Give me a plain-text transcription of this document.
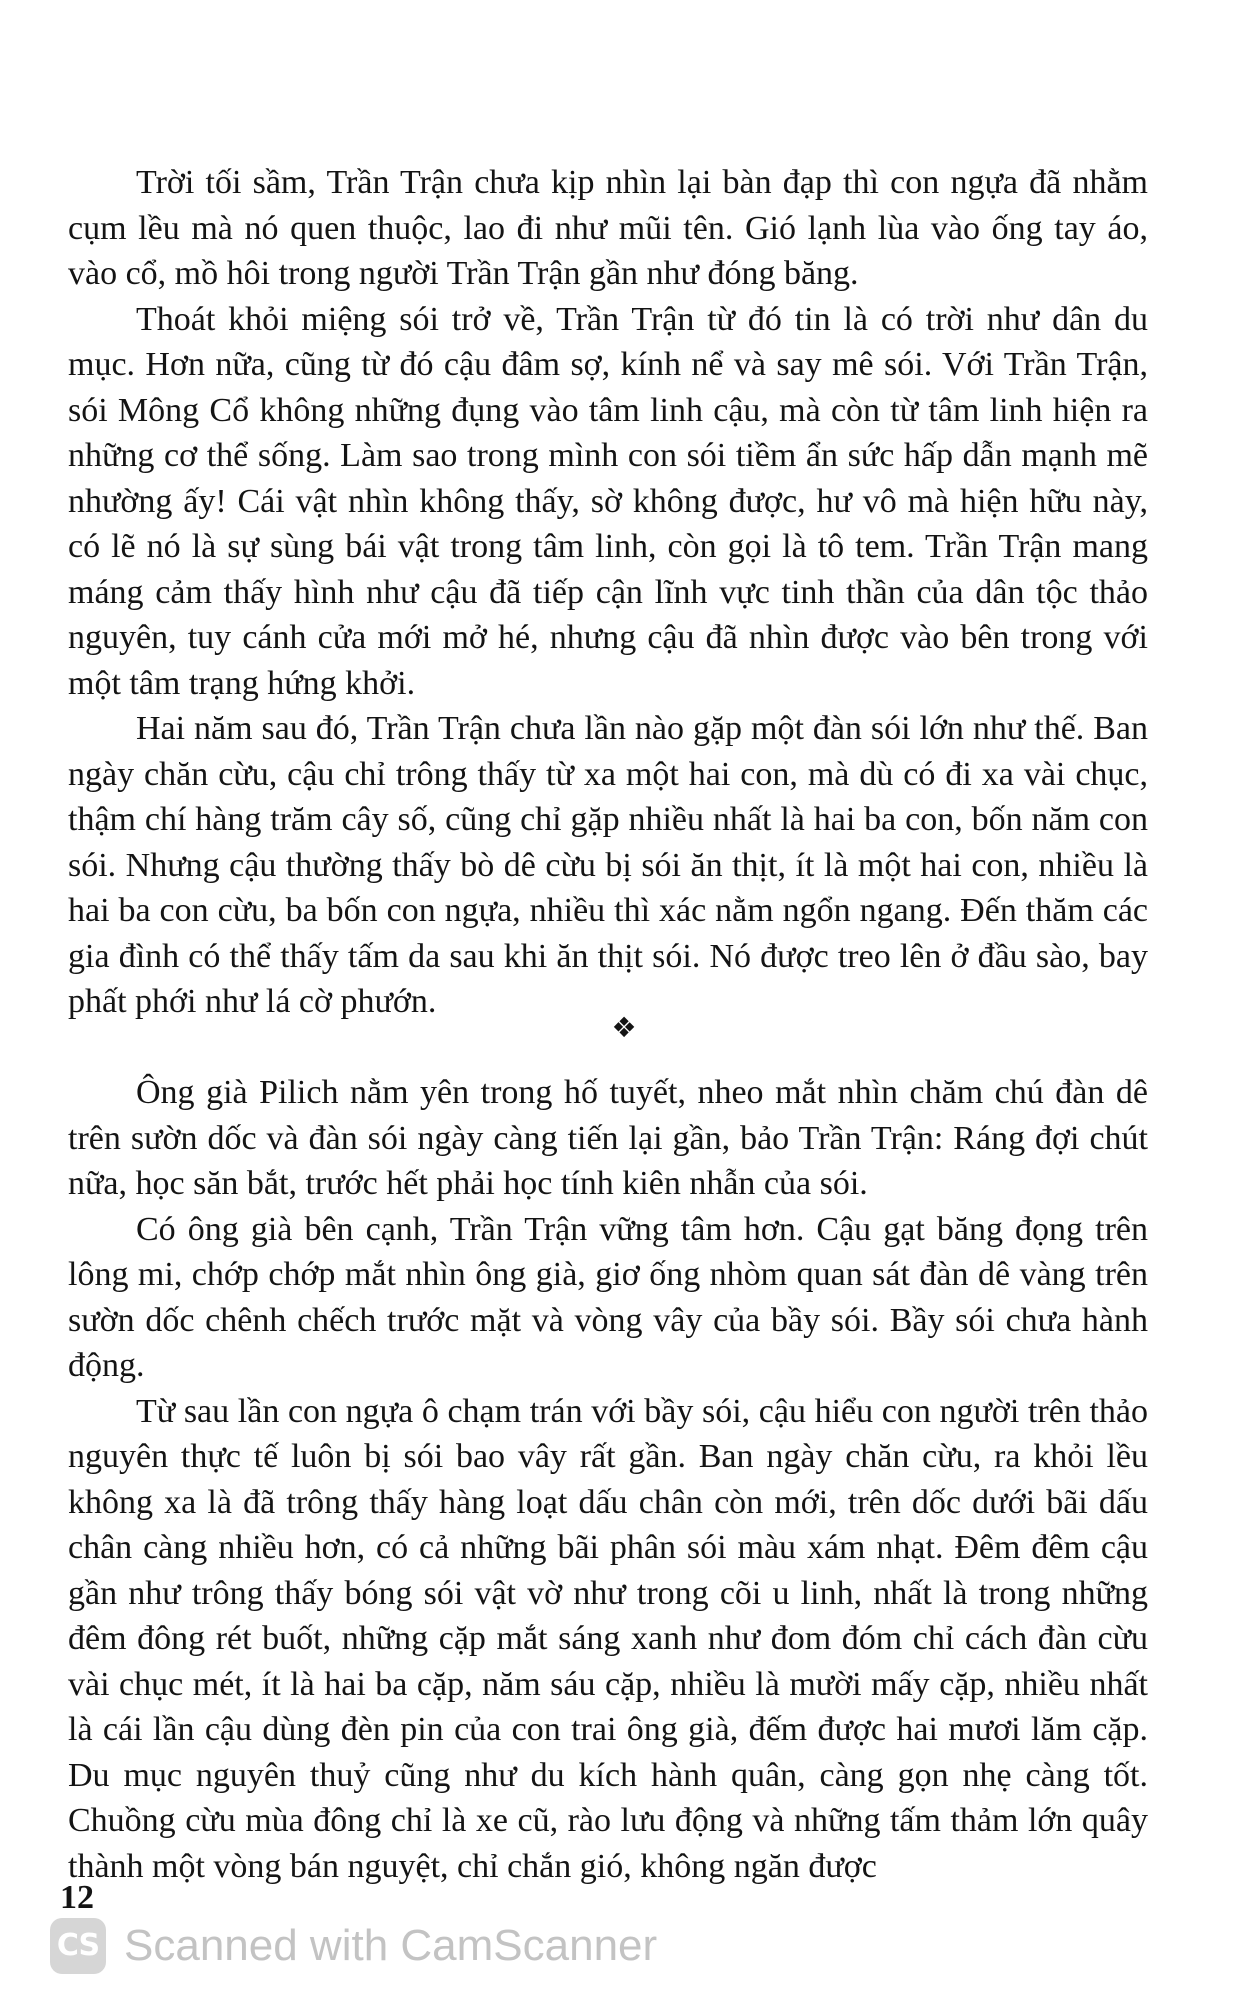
Trời tối sầm, Trần Trận chưa kịp nhìn lại bàn đạp thì con ngựa đã nhằm cụm lều mà nó quen thuộc, lao đi như mũi tên. Gió lạnh lùa vào ống tay áo, vào cổ, mồ hôi trong người Trần Trận gần như đóng băng.

Thoát khỏi miệng sói trở về, Trần Trận từ đó tin là có trời như dân du mục. Hơn nữa, cũng từ đó cậu đâm sợ, kính nể và say mê sói. Với Trần Trận, sói Mông Cổ không những đụng vào tâm linh cậu, mà còn từ tâm linh hiện ra những cơ thể sống. Làm sao trong mình con sói tiềm ẩn sức hấp dẫn mạnh mẽ nhường ấy! Cái vật nhìn không thấy, sờ không được, hư vô mà hiện hữu này, có lẽ nó là sự sùng bái vật trong tâm linh, còn gọi là tô tem. Trần Trận mang máng cảm thấy hình như cậu đã tiếp cận lĩnh vực tinh thần của dân tộc thảo nguyên, tuy cánh cửa mới mở hé, nhưng cậu đã nhìn được vào bên trong với một tâm trạng hứng khởi.

Hai năm sau đó, Trần Trận chưa lần nào gặp một đàn sói lớn như thế. Ban ngày chăn cừu, cậu chỉ trông thấy từ xa một hai con, mà dù có đi xa vài chục, thậm chí hàng trăm cây số, cũng chỉ gặp nhiều nhất là hai ba con, bốn năm con sói. Nhưng cậu thường thấy bò dê cừu bị sói ăn thịt, ít là một hai con, nhiều là hai ba con cừu, ba bốn con ngựa, nhiều thì xác nằm ngổn ngang. Đến thăm các gia đình có thể thấy tấm da sau khi ăn thịt sói. Nó được treo lên ở đầu sào, bay phất phới như lá cờ phướn.

❖

Ông già Pilich nằm yên trong hố tuyết, nheo mắt nhìn chăm chú đàn dê trên sườn dốc và đàn sói ngày càng tiến lại gần, bảo Trần Trận: Ráng đợi chút nữa, học săn bắt, trước hết phải học tính kiên nhẫn của sói.

Có ông già bên cạnh, Trần Trận vững tâm hơn. Cậu gạt băng đọng trên lông mi, chớp chớp mắt nhìn ông già, giơ ống nhòm quan sát đàn dê vàng trên sườn dốc chênh chếch trước mặt và vòng vây của bầy sói. Bầy sói chưa hành động.

Từ sau lần con ngựa ô chạm trán với bầy sói, cậu hiểu con người trên thảo nguyên thực tế luôn bị sói bao vây rất gần. Ban ngày chăn cừu, ra khỏi lều không xa là đã trông thấy hàng loạt dấu chân còn mới, trên dốc dưới bãi dấu chân càng nhiều hơn, có cả những bãi phân sói màu xám nhạt. Đêm đêm cậu gần như trông thấy bóng sói vật vờ như trong cõi u linh, nhất là trong những đêm đông rét buốt, những cặp mắt sáng xanh như đom đóm chỉ cách đàn cừu vài chục mét, ít là hai ba cặp, năm sáu cặp, nhiều là mười mấy cặp, nhiều nhất là cái lần cậu dùng đèn pin của con trai ông già, đếm được hai mươi lăm cặp. Du mục nguyên thuỷ cũng như du kích hành quân, càng gọn nhẹ càng tốt. Chuồng cừu mùa đông chỉ là xe cũ, rào lưu động và những tấm thảm lớn quây thành một vòng bán nguyệt, chỉ chắn gió, không ngăn được

12
CS Scanned with CamScanner
